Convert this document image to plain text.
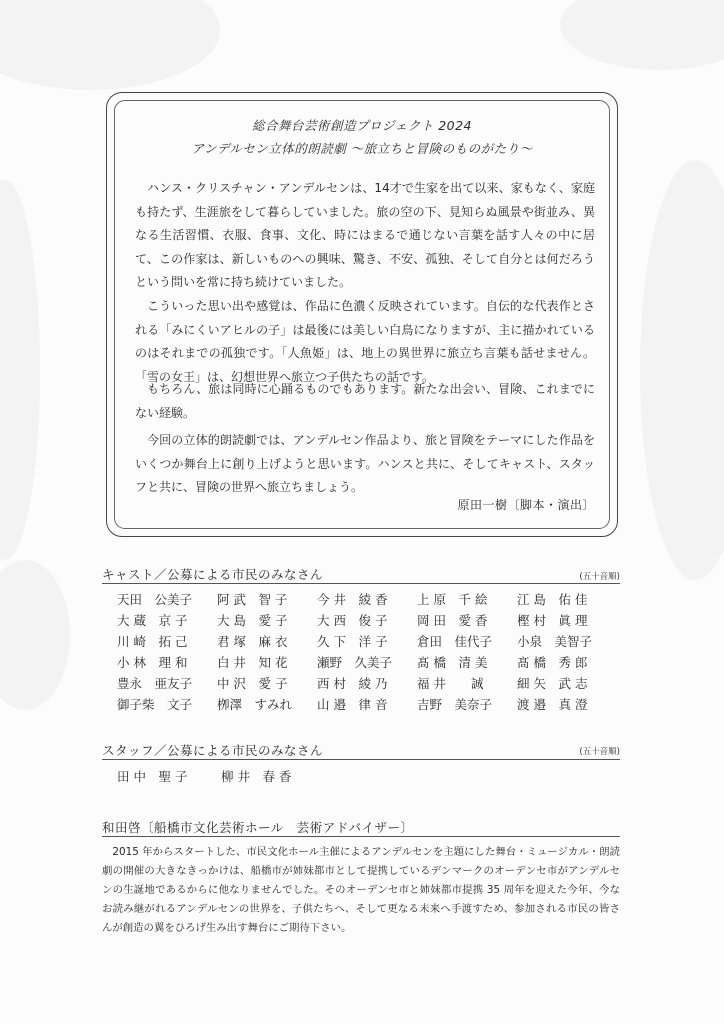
総合舞台芸術創造プロジェクト 2024
アンデルセン立体的朗読劇 〜旅立ちと冒険のものがたり〜

ハンス・クリスチャン・アンデルセンは、14才で生家を出て以来、家もなく、家庭も持たず、生涯旅をして暮らしていました。旅の空の下、見知らぬ風景や街並み、異なる生活習慣、衣服、食事、文化、時にはまるで通じない言葉を話す人々の中に居て、この作家は、新しいものへの興味、驚き、不安、孤独、そして自分とは何だろうという問いを常に持ち続けていました。

こういった思い出や感覚は、作品に色濃く反映されています。自伝的な代表作とされる「みにくいアヒルの子」は最後には美しい白鳥になりますが、主に描かれているのはそれまでの孤独です。「人魚姫」は、地上の異世界に旅立ち言葉も話せません。「雪の女王」は、幻想世界へ旅立つ子供たちの話です。

もちろん、旅は同時に心踊るものでもあります。新たな出会い、冒険、これまでにない経験。

今回の立体的朗読劇では、アンデルセン作品より、旅と冒険をテーマにした作品をいくつか舞台上に創り上げようと思います。ハンスと共に、そしてキャスト、スタッフと共に、冒険の世界へ旅立ちましょう。

原田一樹〔脚本・演出〕
キャスト／公募による市民のみなさん	(五十音順)
天田　公美子	阿 武　智 子	今 井　綾 香	上 原　千 絵	江 島　佑 佳
大 蔵　京 子	大 島　愛 子	大 西　俊 子	岡 田　愛 香	樫 村　眞 理
川 崎　拓 己	君 塚　麻 衣	久 下　洋 子	倉田　佳代子	小泉　美智子
小 林　理 和	白 井　知 花	瀬野　久美子	髙 橋　清 美	髙 橋　秀 郎
豊永　亜友子	中 沢　愛 子	西 村　綾 乃	福 井　　誠	細 矢　武 志
御子柴　文子	栁澤　すみれ	山 邉　律 音	吉野　美奈子	渡 邉　真 澄
スタッフ／公募による市民のみなさん	(五十音順)
田 中　聖 子	柳 井　春 香
和田啓〔船橋市文化芸術ホール　芸術アドバイザー〕

2015 年からスタートした、市民文化ホール主催によるアンデルセンを主題にした舞台・ミュージカル・朗読劇の開催の大きなきっかけは、船橋市が姉妹都市として提携しているデンマークのオーデンセ市がアンデルセンの生誕地であるからに他なりませんでした。そのオーデンセ市と姉妹都市提携 35 周年を迎えた今年、今なお読み継がれるアンデルセンの世界を、子供たちへ、そして更なる未来へ手渡すため、参加される市民の皆さんが創造の翼をひろげ生み出す舞台にご期待下さい。
